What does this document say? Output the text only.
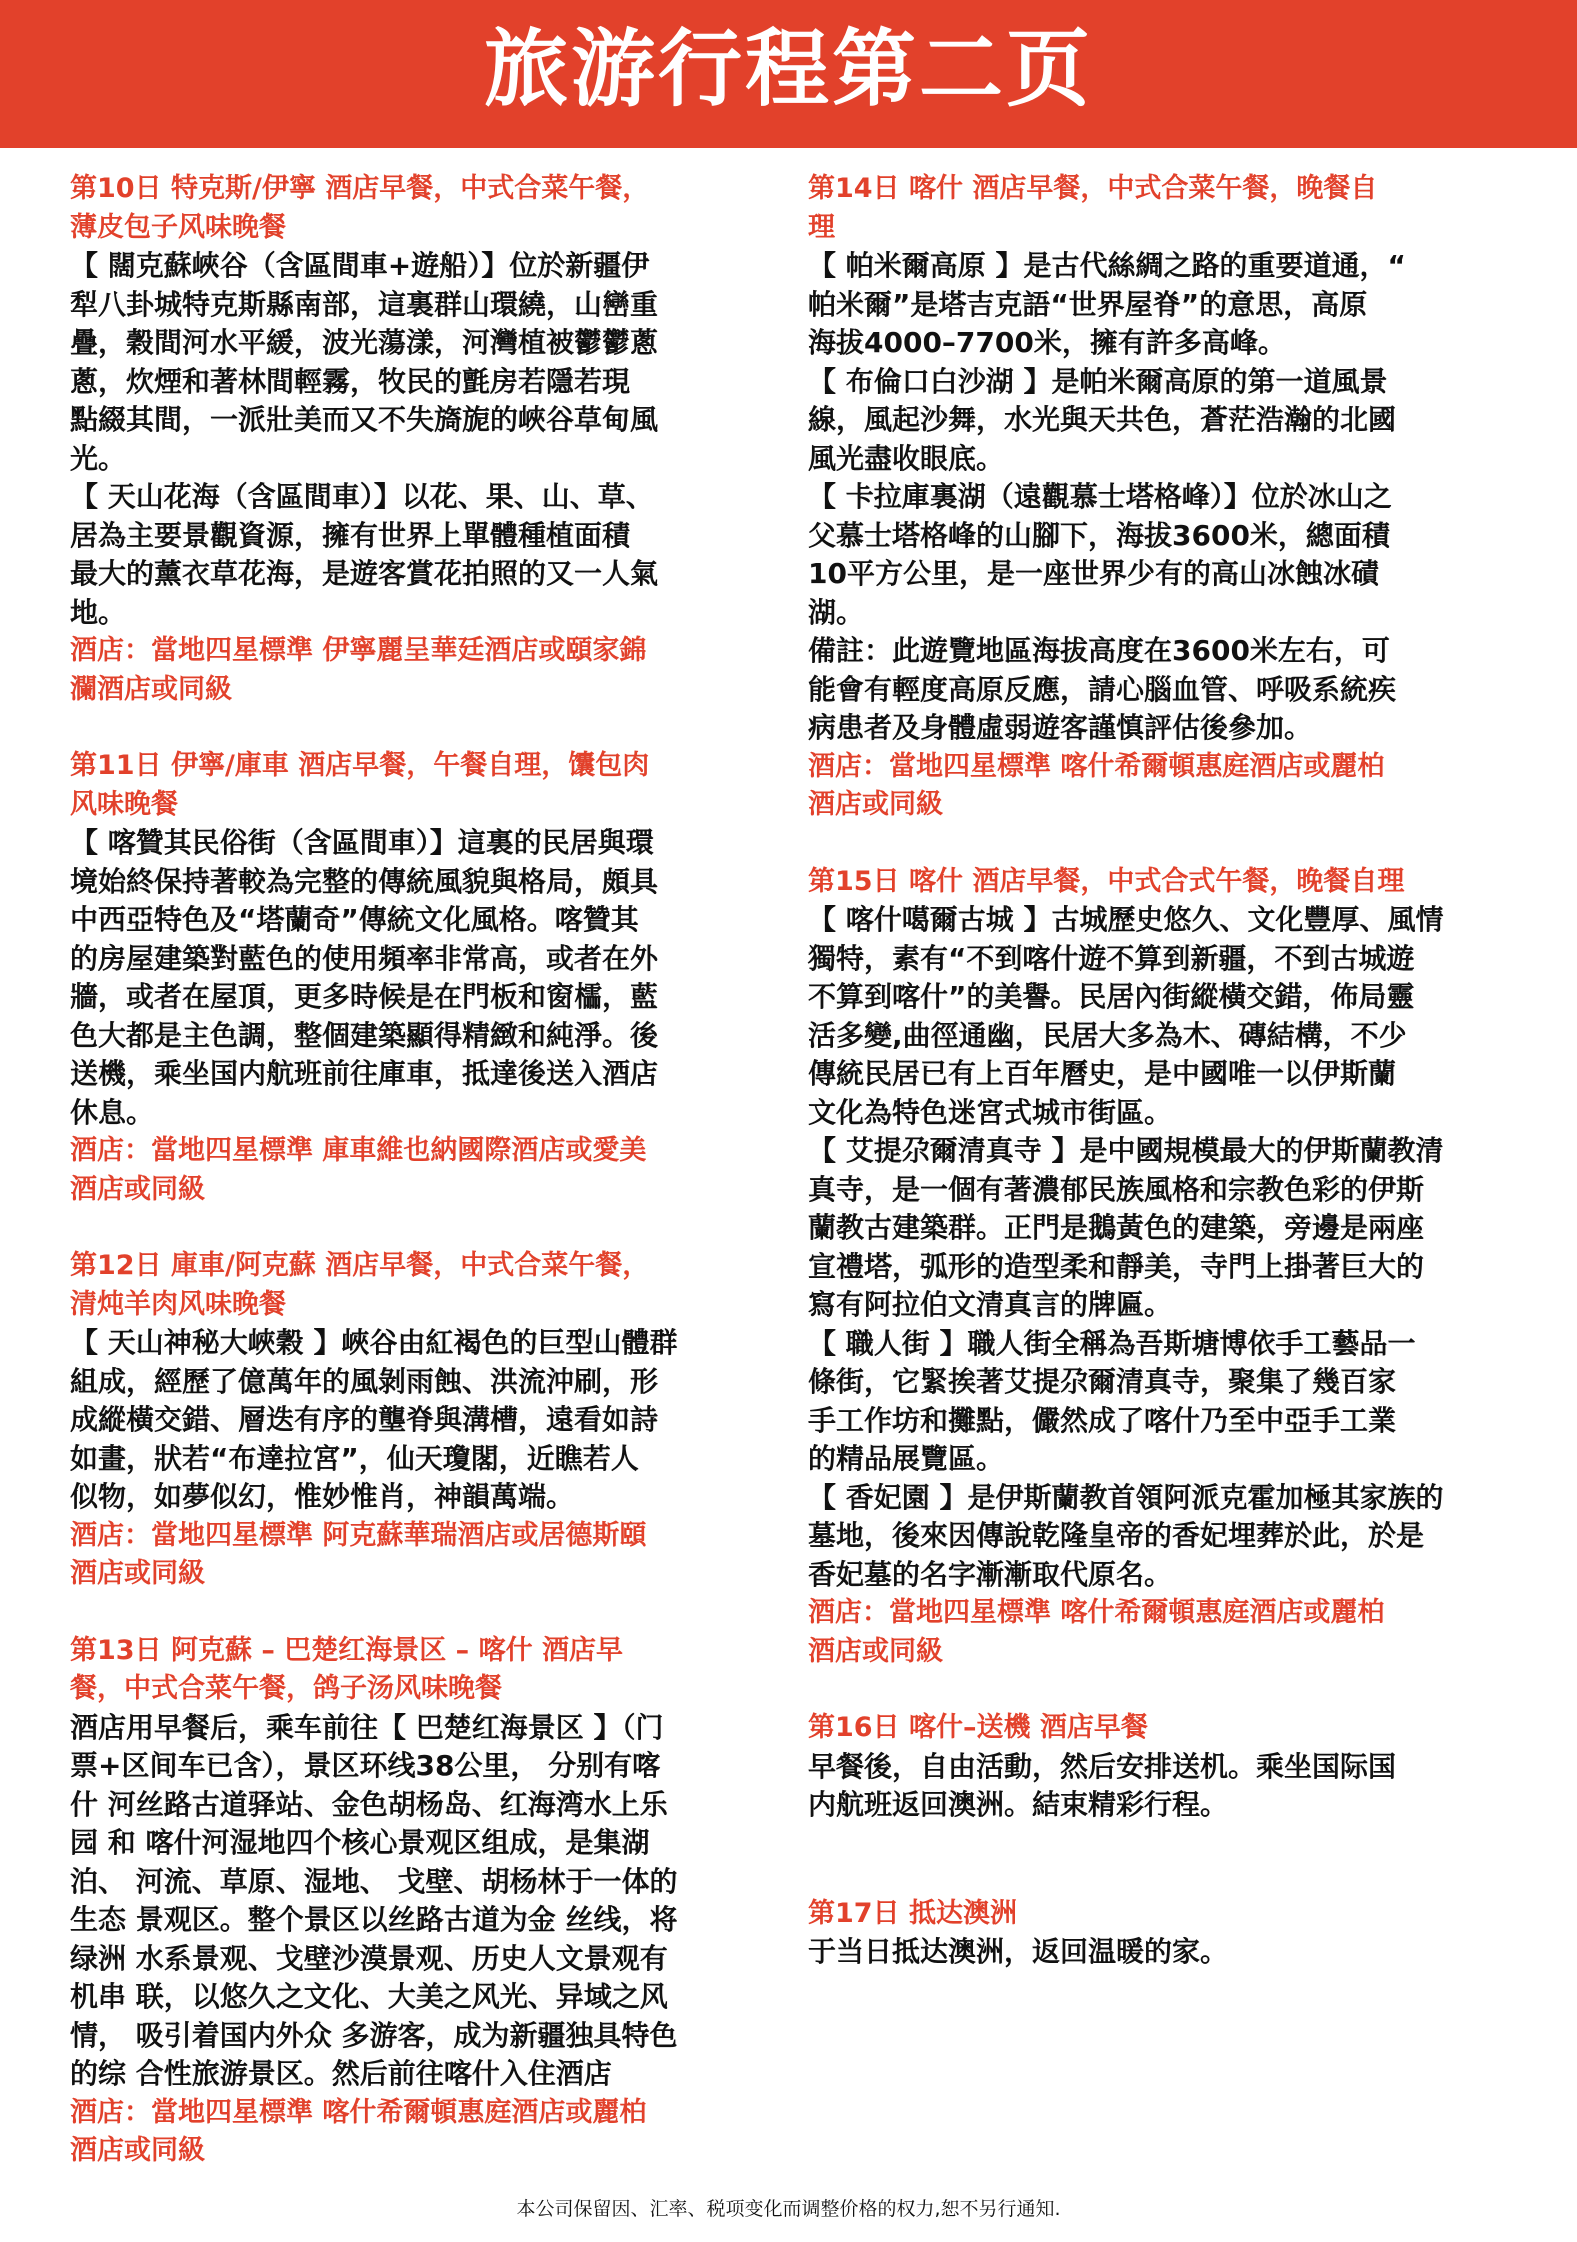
旅游行程第二页
第10日 特克斯/伊寧 酒店早餐，中式合菜午餐，
薄皮包子风味晚餐
【 闊克蘇峽谷（含區間車+遊船）】位於新疆伊
犁八卦城特克斯縣南部，這裏群山環繞，山巒重
疊，穀間河水平緩，波光蕩漾，河灣植被鬱鬱蔥
蔥，炊煙和著林間輕霧，牧民的氈房若隱若現
點綴其間，一派壯美而又不失旖旎的峽谷草甸風
光。
【 天山花海（含區間車）】以花、果、山、草、
居為主要景觀資源，擁有世界上單體種植面積
最大的薰衣草花海，是遊客賞花拍照的又一人氣
地。
酒店：當地四星標準 伊寧麗呈華廷酒店或頤家錦
瀾酒店或同級
第11日 伊寧/庫車 酒店早餐，午餐自理，馕包肉
风味晚餐
【 喀贊其民俗街（含區間車）】這裏的民居與環
境始終保持著較為完整的傳統風貌與格局，頗具
中西亞特色及“塔蘭奇”傳統文化風格。喀贊其
的房屋建築對藍色的使用頻率非常高，或者在外
牆，或者在屋頂，更多時候是在門板和窗櫺，藍
色大都是主色調，整個建築顯得精緻和純淨。後
送機，乘坐国内航班前往庫車，抵達後送入酒店
休息。
酒店：當地四星標準 庫車維也納國際酒店或愛美
酒店或同級
第12日 庫車/阿克蘇 酒店早餐，中式合菜午餐，
清炖羊肉风味晚餐
【 天山神秘大峽穀 】峽谷由紅褐色的巨型山體群
組成，經歷了億萬年的風剝雨蝕、洪流沖刷，形
成縱橫交錯、層迭有序的壟脊與溝槽，遠看如詩
如畫，狀若“布達拉宮”，仙天瓊閣，近瞧若人
似物，如夢似幻，惟妙惟肖，神韻萬端。
酒店：當地四星標準 阿克蘇華瑞酒店或居德斯頤
酒店或同級
第13日 阿克蘇 – 巴楚红海景区 – 喀什 酒店早
餐，中式合菜午餐，鸽子汤风味晚餐
酒店用早餐后，乘车前往【 巴楚红海景区 】（门
票+区间车已含），景区环线38公里， 分别有喀
什 河丝路古道驿站、金色胡杨岛、红海湾水上乐
园 和 喀什河湿地四个核心景观区组成，是集湖
泊、 河流、草原、湿地、 戈壁、胡杨林于一体的
生态 景观区。整个景区以丝路古道为金 丝线，将
绿洲 水系景观、戈壁沙漠景观、历史人文景观有
机串 联，以悠久之文化、大美之风光、异域之风
情， 吸引着国内外众 多游客，成为新疆独具特色
的综 合性旅游景区。然后前往喀什入住酒店
酒店：當地四星標準 喀什希爾頓惠庭酒店或麗柏
酒店或同級
第14日 喀什 酒店早餐，中式合菜午餐，晚餐自
理
【 帕米爾高原 】是古代絲綢之路的重要道通，“
帕米爾”是塔吉克語“世界屋脊”的意思，高原
海拔4000–7700米，擁有許多高峰。
【 布倫口白沙湖 】是帕米爾高原的第一道風景
線，風起沙舞，水光與天共色，蒼茫浩瀚的北國
風光盡收眼底。
【 卡拉庫裏湖（遠觀慕士塔格峰）】位於冰山之
父慕士塔格峰的山腳下，海拔3600米，總面積
10平方公里，是一座世界少有的高山冰蝕冰磧
湖。
備註：此遊覽地區海拔高度在3600米左右，可
能會有輕度高原反應，請心腦血管、呼吸系統疾
病患者及身體虛弱遊客謹慎評估後參加。
酒店：當地四星標準 喀什希爾頓惠庭酒店或麗柏
酒店或同級
第15日 喀什 酒店早餐，中式合式午餐，晚餐自理
【 喀什噶爾古城 】古城歷史悠久、文化豐厚、風情
獨特，素有“不到喀什遊不算到新疆，不到古城遊
不算到喀什”的美譽。民居內街縱橫交錯，佈局靈
活多變,曲徑通幽，民居大多為木、磚結構，不少
傳統民居已有上百年曆史，是中國唯一以伊斯蘭
文化為特色迷宮式城市街區。
【 艾提尕爾清真寺 】是中國規模最大的伊斯蘭教清
真寺，是一個有著濃郁民族風格和宗教色彩的伊斯
蘭教古建築群。正門是鵝黃色的建築，旁邊是兩座
宣禮塔，弧形的造型柔和靜美，寺門上掛著巨大的
寫有阿拉伯文清真言的牌匾。
【 職人街 】職人街全稱為吾斯塘博依手工藝品一
條街，它緊挨著艾提尕爾清真寺，聚集了幾百家
手工作坊和攤點，儼然成了喀什乃至中亞手工業
的精品展覽區。
【 香妃園 】是伊斯蘭教首領阿派克霍加極其家族的
墓地，後來因傳說乾隆皇帝的香妃埋葬於此，於是
香妃墓的名字漸漸取代原名。
酒店：當地四星標準 喀什希爾頓惠庭酒店或麗柏
酒店或同級
第16日 喀什–送機 酒店早餐
早餐後，自由活動，然后安排送机。乘坐国际国
内航班返回澳洲。結束精彩行程。
第17日 抵达澳洲
于当日抵达澳洲，返回温暖的家。
本公司保留因、汇率、税项变化而调整价格的权力,恕不另行通知.
